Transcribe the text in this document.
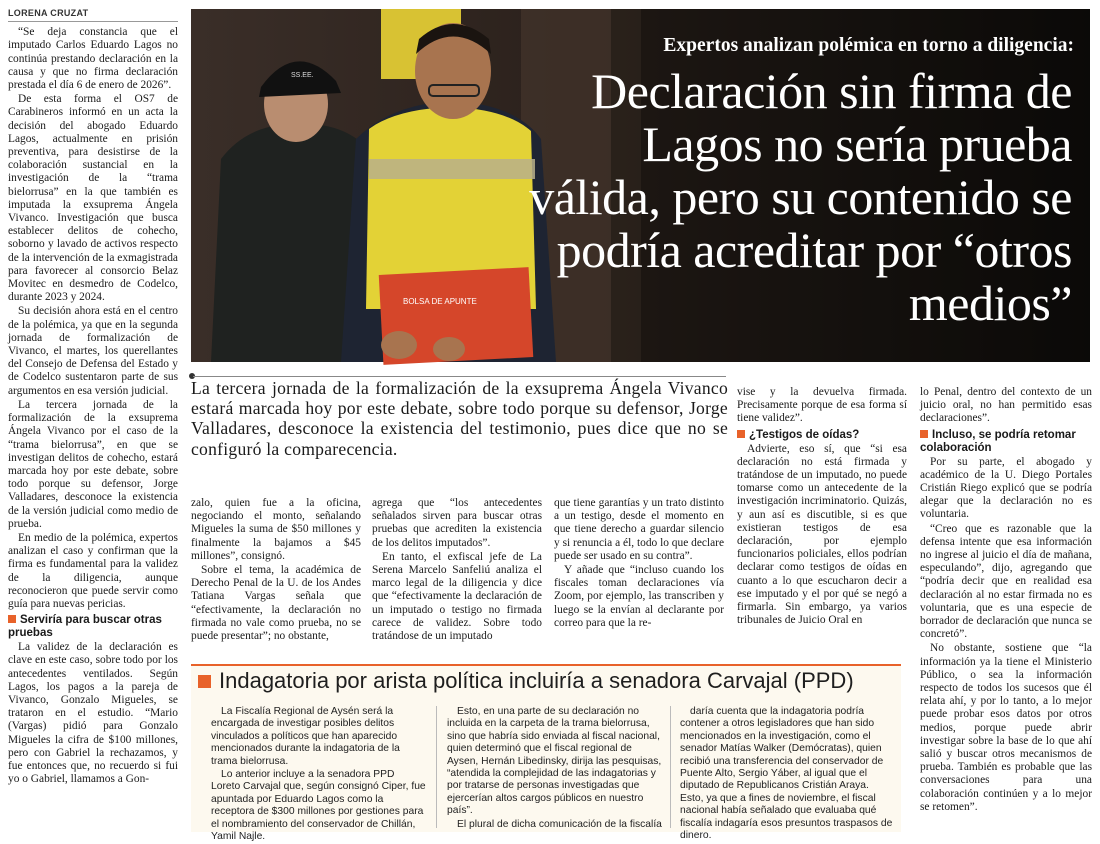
LORENA CRUZAT

“Se deja constancia que el imputado Carlos Eduardo Lagos no continúa prestando declaración en la causa y que no firma declaración prestada el día 6 de enero de 2026”.

De esta forma el OS7 de Carabineros informó en un acta la decisión del abogado Eduardo Lagos, actualmente en prisión preventiva, para desistirse de la colaboración sustancial en la investigación de la “trama bielorrusa” en la que también es imputada la exsuprema Ángela Vivanco. Investigación que busca establecer delitos de cohecho, soborno y lavado de activos respecto de la intervención de la exmagistrada para favorecer al consorcio Belaz Movitec en desmedro de Codelco, durante 2023 y 2024.

Su decisión ahora está en el centro de la polémica, ya que en la segunda jornada de formalización de Vivanco, el martes, los querellantes del Consejo de Defensa del Estado y de Codelco sustentaron parte de sus argumentos en esa versión judicial.

La tercera jornada de la formalización de la exsuprema Ángela Vivanco por el caso de la “trama bielorrusa”, en que se investigan delitos de cohecho, estará marcada hoy por este debate, sobre todo porque su defensor, Jorge Valladares, desconoce la existencia de la versión judicial como medio de prueba.

En medio de la polémica, expertos analizan el caso y confirman que la firma es fundamental para la validez de la diligencia, aunque reconocieron que puede servir como guía para nuevas pericias.

Serviría para buscar otras pruebas

La validez de la declaración es clave en este caso, sobre todo por los antecedentes ventilados. Según Lagos, los pagos a la pareja de Vivanco, Gonzalo Migueles, se trataron en el estudio. “Mario (Vargas) pidió para Gonzalo Migueles la cifra de $100 millones, pero con Gabriel la rechazamos, y fue entonces que, no recuerdo si fui yo o Gabriel, llamamos a Gon-

SS.EE.
BOLSA DE APUNTE
Expertos analizan polémica en torno a diligencia:
Declaración sin firma de Lagos no sería prueba válida, pero su contenido se podría acreditar por “otros medios”
La tercera jornada de la formalización de la exsuprema Ángela Vivanco estará marcada hoy por este debate, sobre todo porque su defensor, Jorge Valladares, desconoce la existencia del testimonio, pues dice que no se configuró la comparecencia.

zalo, quien fue a la oficina, negociando el monto, señalando Migueles la suma de $50 millones y finalmente la bajamos a $45 millones”, consignó.

Sobre el tema, la académica de Derecho Penal de la U. de los Andes Tatiana Vargas señala que “efectivamente, la declaración no firmada no vale como prueba, no se puede presentar”; no obstante,

agrega que “los antecedentes señalados sirven para buscar otras pruebas que acrediten la existencia de los delitos imputados”.

En tanto, el exfiscal jefe de La Serena Marcelo Sanfeliú analiza el marco legal de la diligencia y dice que “efectivamente la declaración de un imputado o testigo no firmada carece de validez. Sobre todo tratándose de un imputado

que tiene garantías y un trato distinto a un testigo, desde el momento en que tiene derecho a guardar silencio y si renuncia a él, todo lo que declare puede ser usado en su contra”.

Y añade que “incluso cuando los fiscales toman declaraciones vía Zoom, por ejemplo, las transcriben y luego se la envían al declarante por correo para que la re-

vise y la devuelva firmada. Precisamente porque de esa forma sí tiene validez”.

¿Testigos de oídas?

Advierte, eso sí, que “si esa declaración no está firmada y tratándose de un imputado, no puede tomarse como un antecedente de la investigación incriminatorio. Quizás, y aun así es discutible, si es que existieran testigos de esa declaración, por ejemplo funcionarios policiales, ellos podrían declarar como testigos de oídas en cuanto a lo que escucharon decir a ese imputado y el por qué se negó a firmarla. Sin embargo, ya varios tribunales de Juicio Oral en

lo Penal, dentro del contexto de un juicio oral, no han permitido esas declaraciones”.

Incluso, se podría retomar colaboración

Por su parte, el abogado y académico de la U. Diego Portales Cristián Riego explicó que se podría alegar que la declaración no es voluntaria.

“Creo que es razonable que la defensa intente que esa información no ingrese al juicio el día de mañana, especulando”, dijo, agregando que “podría decir que en realidad esa declaración al no estar firmada no es voluntaria, que es una especie de borrador de declaración que nunca se concretó”.

No obstante, sostiene que “la información ya la tiene el Ministerio Público, o sea la información respecto de todos los sucesos que él relata ahí, y por lo tanto, a lo mejor puede probar esos datos por otros medios, porque puede abrir investigar sobre la base de lo que ahí salió y buscar otros mecanismos de prueba. También es probable que las conversaciones para una colaboración continúen y a lo mejor se retomen”.

Indagatoria por arista política incluiría a senadora Carvajal (PPD)

La Fiscalía Regional de Aysén será la encargada de investigar posibles delitos vinculados a políticos que han aparecido mencionados durante la indagatoria de la trama bielorrusa.

Lo anterior incluye a la senadora PPD Loreto Carvajal que, según consignó Ciper, fue apuntada por Eduardo Lagos como la receptora de $300 millones por gestiones para el nombramiento del conservador de Chillán, Yamil Najle.

Esto, en una parte de su declaración no incluida en la carpeta de la trama bielorrusa, sino que habría sido enviada al fiscal nacional, quien determinó que el fiscal regional de Aysen, Hernán Libedinsky, dirija las pesquisas, “atendida la complejidad de las indagatorias y por tratarse de personas investigadas que ejercerían altos cargos públicos en nuestro país”.

El plural de dicha comunicación de la fiscalía

daría cuenta que la indagatoria podría contener a otros legisladores que han sido mencionados en la investigación, como el senador Matías Walker (Demócratas), quien recibió una transferencia del conservador de Puente Alto, Sergio Yáber, al igual que el diputado de Republicanos Cristián Araya. Esto, ya que a fines de noviembre, el fiscal nacional había señalado que evaluaba qué fiscalía indagaría esos presuntos traspasos de dinero.
